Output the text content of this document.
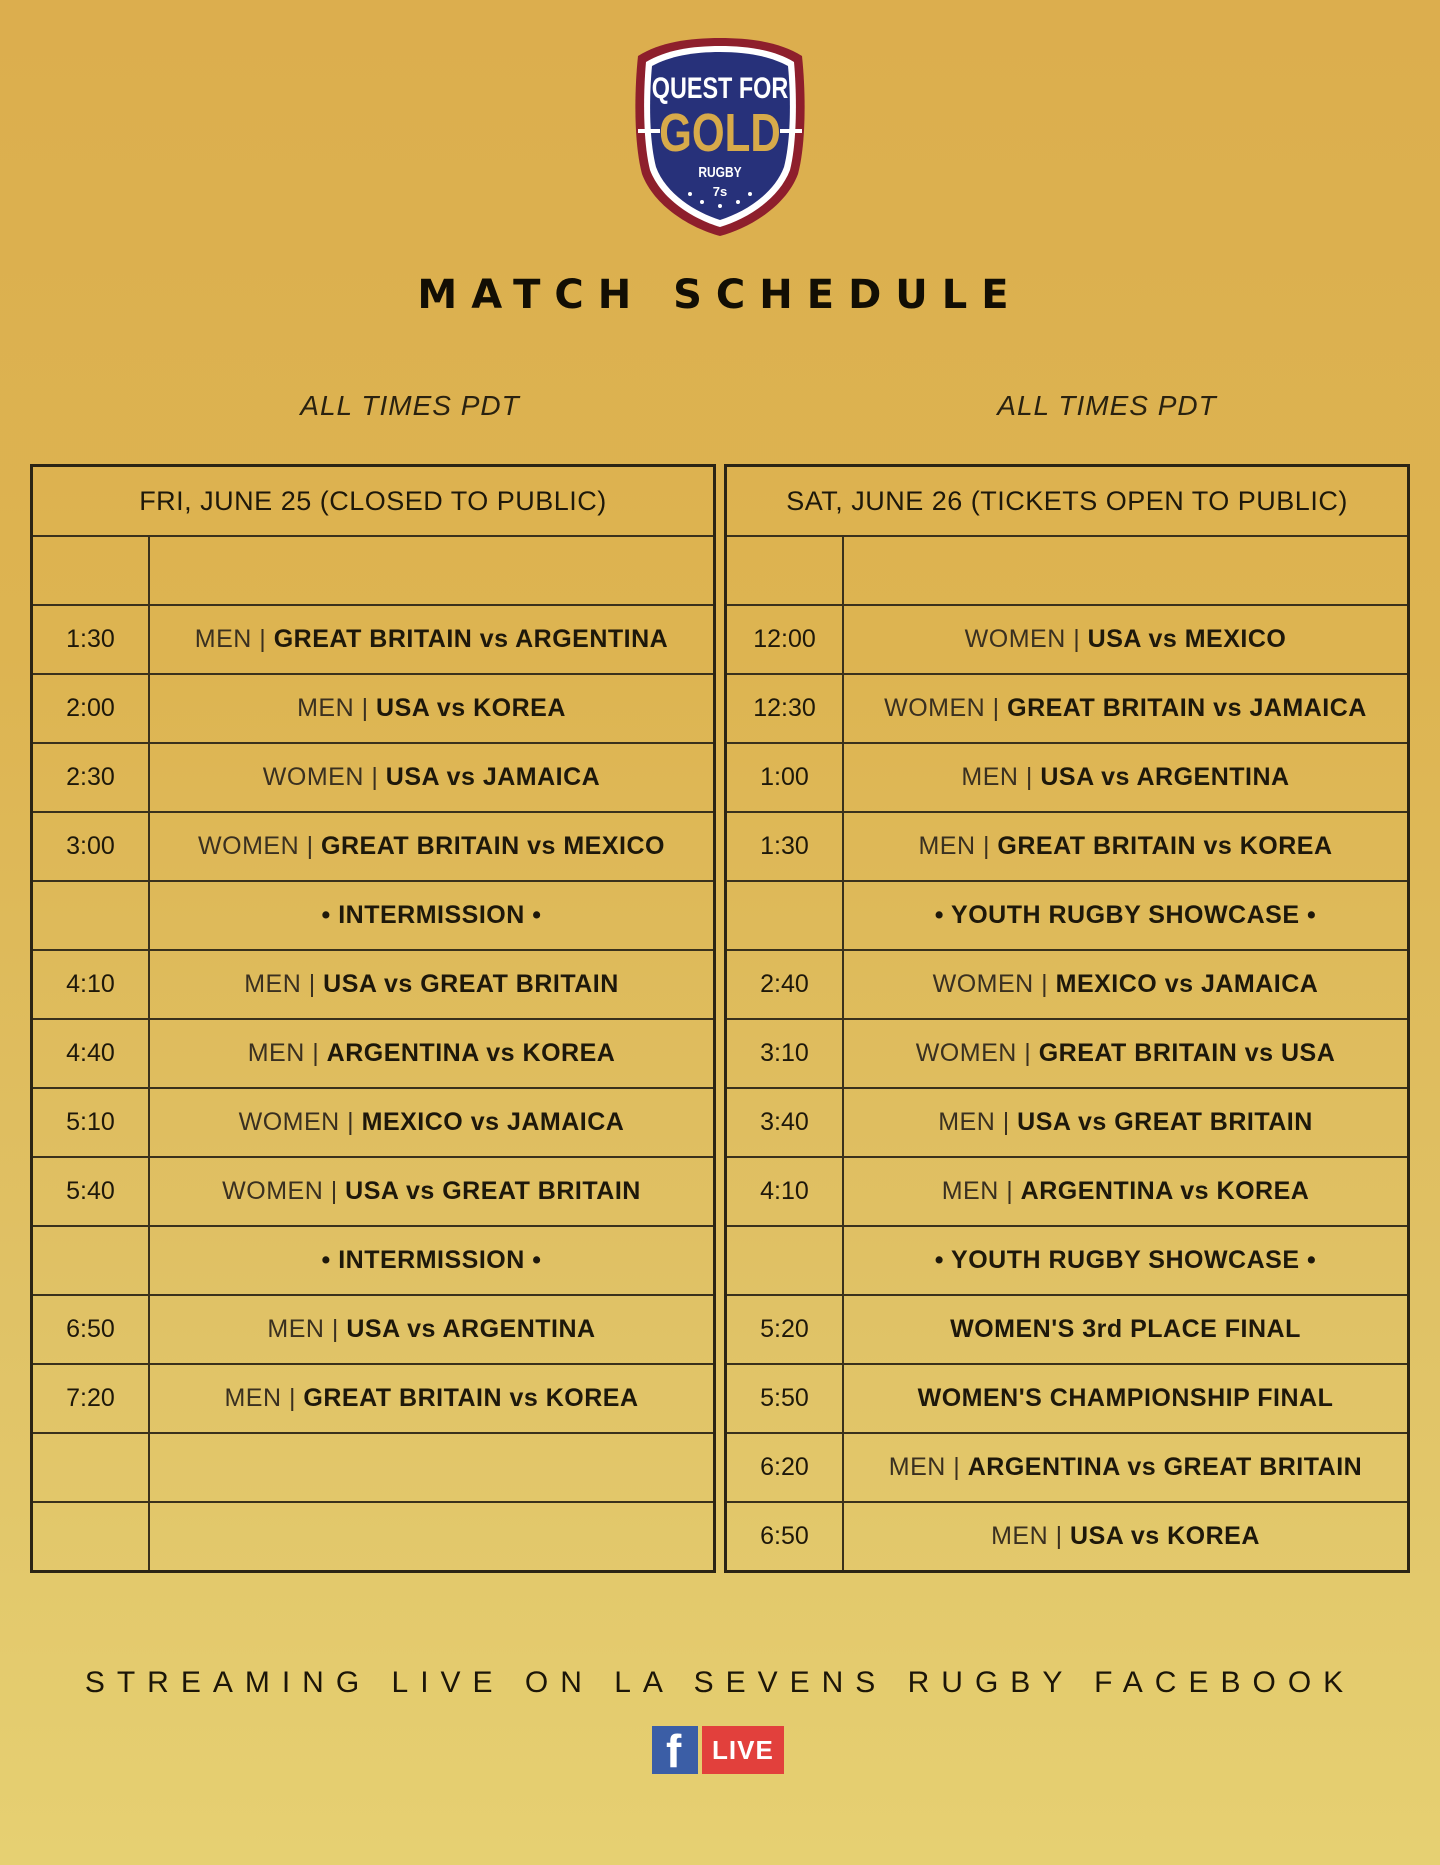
QUEST FOR
GOLD
RUGBY
7s
MATCH SCHEDULE
ALL TIMES PDT	ALL TIMES PDT
FRI, JUNE 25 (CLOSED TO PUBLIC)	

1:30	MEN | GREAT BRITAIN vs ARGENTINA
2:00	MEN | USA vs KOREA
2:30	WOMEN | USA vs JAMAICA
3:00	WOMEN | GREAT BRITAIN vs MEXICO
	• INTERMISSION •
4:10	MEN | USA vs GREAT BRITAIN
4:40	MEN | ARGENTINA vs KOREA
5:10	WOMEN | MEXICO vs JAMAICA
5:40	WOMEN | USA vs GREAT BRITAIN
	• INTERMISSION •
6:50	MEN | USA vs ARGENTINA
7:20	MEN | GREAT BRITAIN vs KOREA

SAT, JUNE 26 (TICKETS OPEN TO PUBLIC)	

12:00	WOMEN | USA vs MEXICO
12:30	WOMEN | GREAT BRITAIN vs JAMAICA
1:00	MEN | USA vs ARGENTINA
1:30	MEN | GREAT BRITAIN vs KOREA
	• YOUTH RUGBY SHOWCASE •
2:40	WOMEN | MEXICO vs JAMAICA
3:10	WOMEN | GREAT BRITAIN vs USA
3:40	MEN | USA vs GREAT BRITAIN
4:10	MEN | ARGENTINA vs KOREA
	• YOUTH RUGBY SHOWCASE •
5:20	WOMEN'S 3rd PLACE FINAL
5:50	WOMEN'S CHAMPIONSHIP FINAL
6:20	MEN | ARGENTINA vs GREAT BRITAIN
6:50	MEN | USA vs KOREA
STREAMING LIVE ON LA SEVENS RUGBY FACEBOOK
f	LIVE
